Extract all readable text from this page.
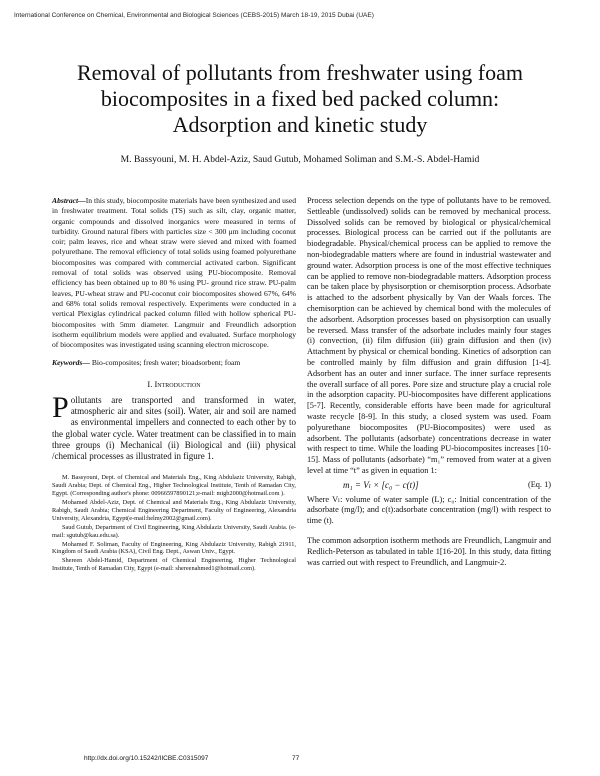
International Conference on Chemical, Environmental and Biological Sciences (CEBS-2015) March 18-19, 2015 Dubai (UAE)
Removal of pollutants from freshwater using foam biocomposites in a fixed bed packed column: Adsorption and kinetic study
M. Bassyouni, M. H. Abdel-Aziz, Saud Gutub, Mohamed Soliman and S.M.-S. Abdel-Hamid

Abstract—In this study, biocomposite materials have been synthesized and used in freshwater treatment. Total solids (TS) such as silt, clay, organic matter, organic compounds and dissolved inorganics were measured in terms of turbidity. Ground natural fibers with particles size < 300 μm including coconut coir; palm leaves, rice and wheat straw were sieved and mixed with foamed polyurethane. The removal efficiency of total solids using foamed polyurethane biocomposites was compared with commercial activated carbon. Significant removal of total solids was observed using PU-biocomposite. Removal efficiency has been obtained up to 80 % using PU- ground rice straw. PU-palm leaves, PU-wheat straw and PU-coconut coir biocomposites showed 67%, 64% and 68% total solids removal respectively. Experiments were conducted in a vertical Plexiglas cylindrical packed column filled with hollow spherical PU-biocomposites with 5mm diameter. Langmuir and Freundlich adsorption isotherm equilibrium models were applied and evaluated. Surface morphology of biocomposites was investigated using scanning electron microscope.

Keywords— Bio-composites; fresh water; bioadsorbent; foam

I. Introduction

Pollutants are transported and transformed in water, atmospheric air and sites (soil). Water, air and soil are named as environmental impellers and connected to each other by to the global water cycle. Water treatment can be classified in to main three groups (i) Mechanical (ii) Biological and (iii) physical /chemical processes as illustrated in figure 1.

M. Bassyouni, Dept. of Chemical and Materials Eng., King Abdulaziz University, Rabigh, Saudi Arabia; Dept. of Chemical Eng., Higher Technological Institute, Tenth of Ramadan City, Egypt. (Corresponding author's phone: 00966597890121;e-mail: migb2000@hotmail.com ).

Mohamed Abdel-Aziz, Dept. of Chemical and Materials Eng., King Abdulaziz University, Rabigh, Saudi Arabia; Chemical Engineering Department, Faculty of Engineering, Alexandria University, Alexandria, Egypt(e-mail:helmy2002@gmail.com).

Saud Gutub, Department of Civil Engineering, King Abdulaziz University, Saudi Arabia. (e-mail: sgutub@kau.edu.sa).

Mohamed F. Soliman, Faculty of Engineering, King Abdulaziz University, Rabigh 21911, Kingdom of Saudi Arabia (KSA), Civil Eng. Dept., Aswan Univ., Egypt.

Shereen Abdel-Hamid, Department of Chemical Engineering, Higher Technological Institute, Tenth of Ramadan City, Egypt (e-mail: shereenahmed1@hotmail.com).

Process selection depends on the type of pollutants have to be removed. Settleable (undissolved) solids can be removed by mechanical process. Dissolved solids can be removed by biological or physical/chemical processes. Biological process can be carried out if the pollutants are biodegradable. Physical/chemical process can be applied to remove the non-biodegradable matters where are found in industrial wastewater and ground water. Adsorption process is one of the most effective techniques can be applied to remove non-biodegradable matters. Adsorption process can be taken place by physisorption or chemisorption process. Adsorbate is attached to the adsorbent physically by Van der Waals forces. The chemisorption can be achieved by chemical bond with the molecules of the adsorbent. Adsorption processes based on physisorption can usually be reversed. Mass transfer of the adsorbate includes mainly four stages (i) convection, (ii) film diffusion (iii) grain diffusion and then (iv) Attachment by physical or chemical bonding. Kinetics of adsorption can be controlled mainly by film diffusion and grain diffusion [1-4]. Adsorbent has an outer and inner surface. The inner surface represents the overall surface of all pores. Pore size and structure play a crucial role in the adsorption capacity. PU-biocomposites have different applications [5-7]. Recently, considerable efforts have been made for agricultural waste recycle [8-9]. In this study, a closed system was used. Foam polyurethane biocomposites (PU-Biocomposites) were used as adsorbent. The pollutants (adsorbate) concentrations decrease in water with respect to time. While the loading PU-biocomposites increases [10-15]. Mass of pollutants (adsorbate) “m₁” removed from water at a given level at time “t” as given in equation 1:

m₁ = Vₗ × [c₀ − c(t)]	(Eq. 1)

Where Vₗ: volume of water sample (L); c₀: Initial concentration of the adsorbate (mg/l); and c(t):adsorbate concentration (mg/l) with respect to time (t).

The common adsorption isotherm methods are Freundlich, Langmuir and Redlich-Peterson as tabulated in table 1[16-20]. In this study, data fitting was carried out with respect to Freundlich, and Langmuir-2.

http://dx.doi.org/10.15242/IICBE.C0315097	77
